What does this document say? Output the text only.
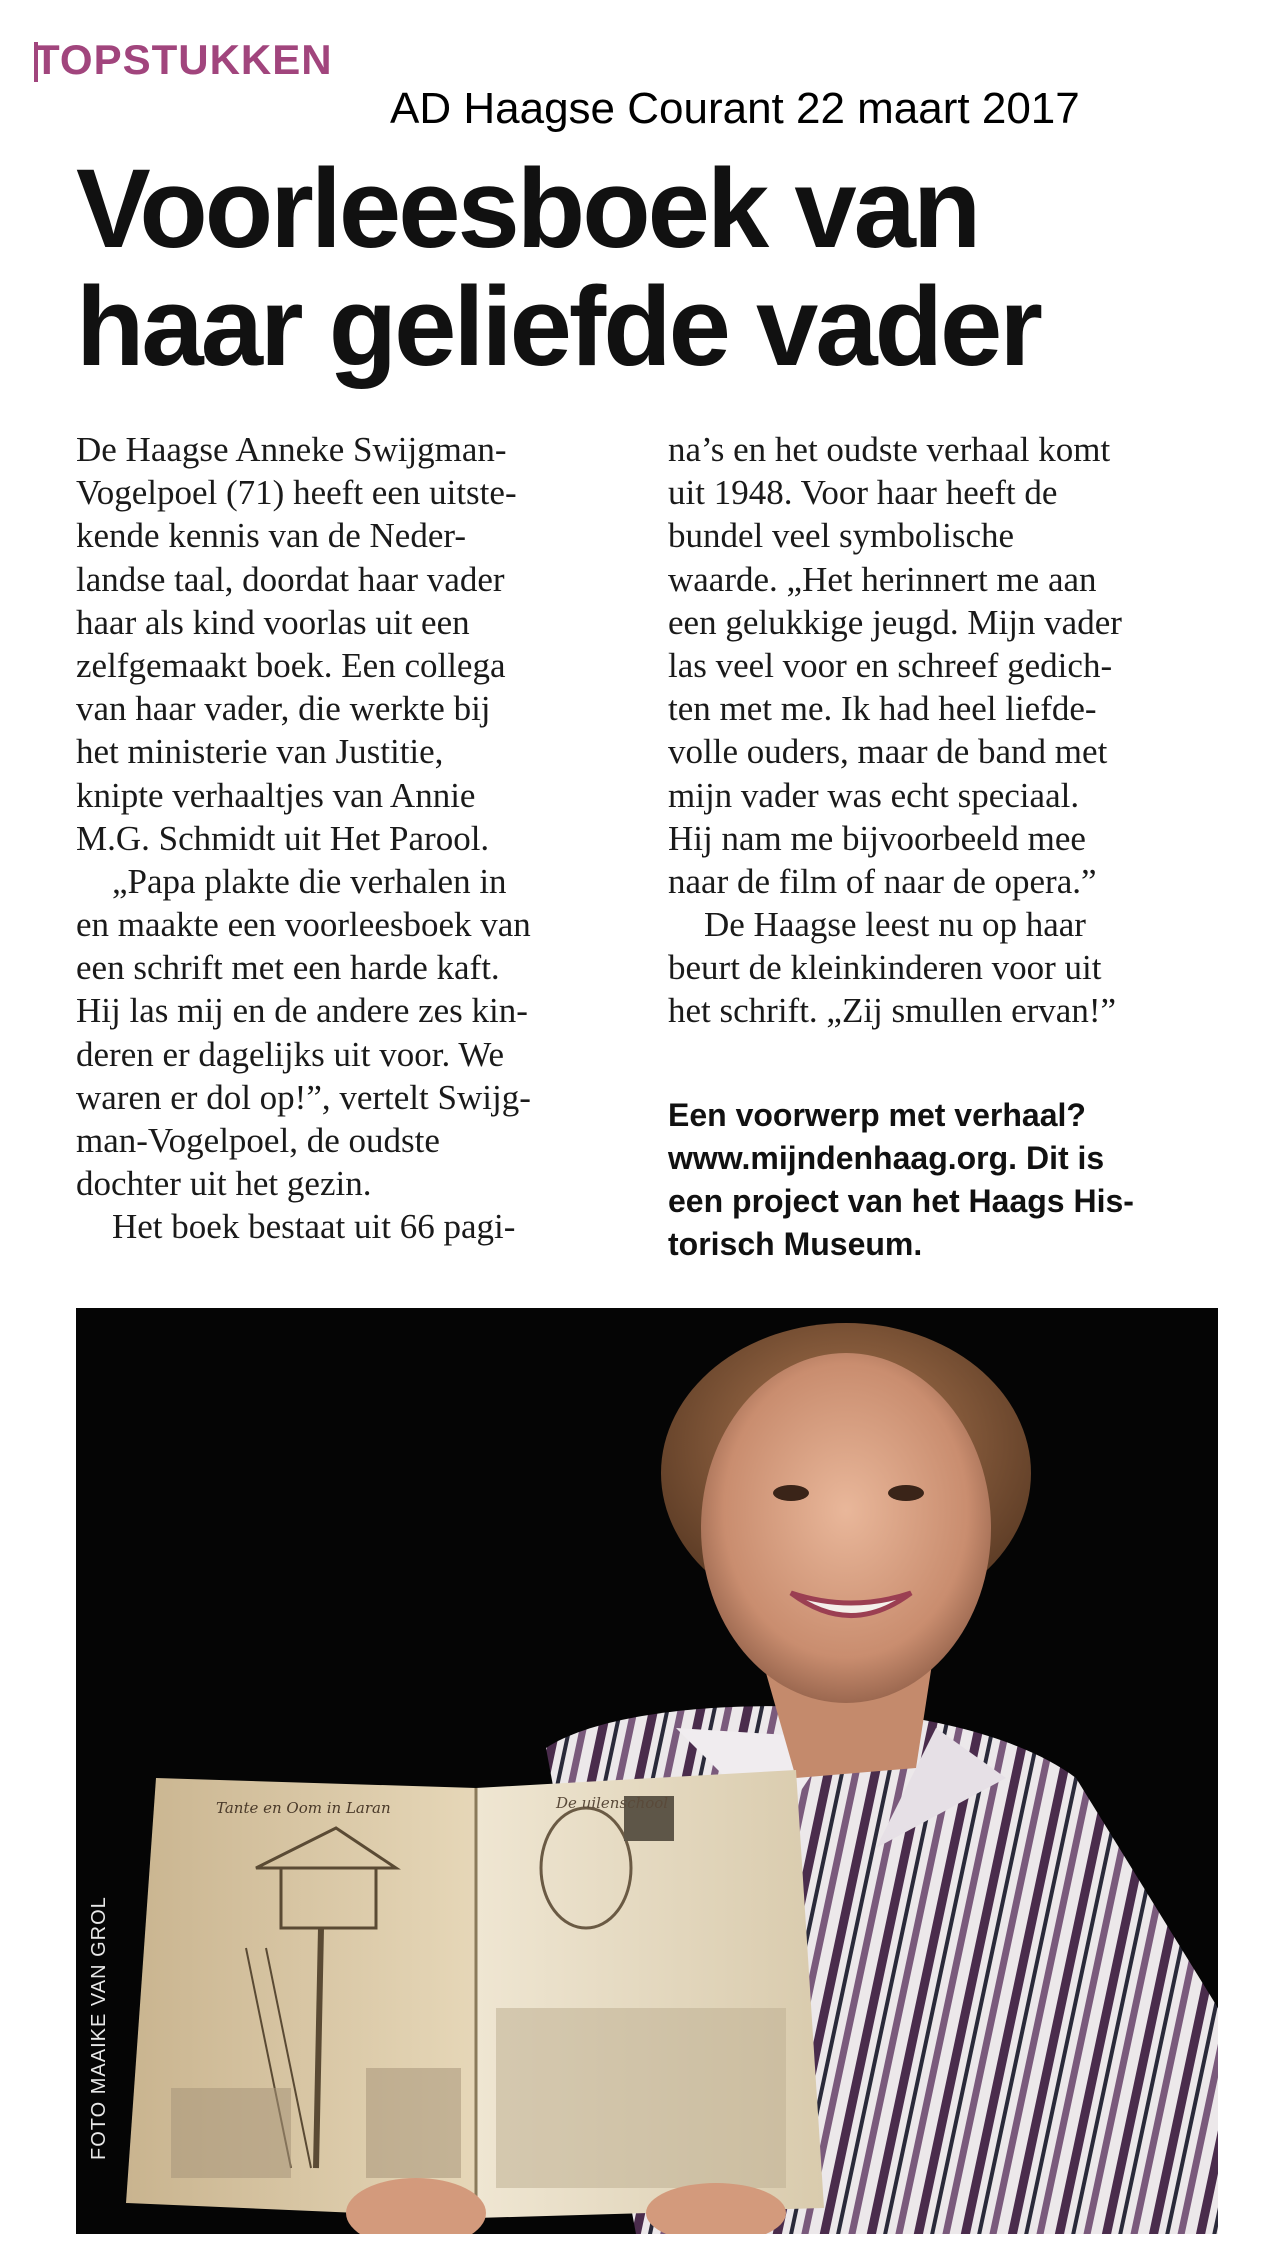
TOPSTUKKEN
AD Haagse Courant 22 maart 2017
Voorleesboek van
haar geliefde vader
De Haagse Anneke Swijgman-
Vogelpoel (71) heeft een uitste-
kende kennis van de Neder-
landse taal, doordat haar vader
haar als kind voorlas uit een
zelfgemaakt boek. Een collega
van haar vader, die werkte bij
het ministerie van Justitie,
knipte verhaaltjes van Annie
M.G. Schmidt uit Het Parool.
„Papa plakte die verhalen in
en maakte een voorleesboek van
een schrift met een harde kaft.
Hij las mij en de andere zes kin-
deren er dagelijks uit voor. We
waren er dol op!”, vertelt Swijg-
man-Vogelpoel, de oudste
dochter uit het gezin.
Het boek bestaat uit 66 pagi-
na’s en het oudste verhaal komt
uit 1948. Voor haar heeft de
bundel veel symbolische
waarde. „Het herinnert me aan
een gelukkige jeugd. Mijn vader
las veel voor en schreef gedich-
ten met me. Ik had heel liefde-
volle ouders, maar de band met
mijn vader was echt speciaal.
Hij nam me bijvoorbeeld mee
naar de film of naar de opera.”
De Haagse leest nu op haar
beurt de kleinkinderen voor uit
het schrift. „Zij smullen ervan!”
Een voorwerp met verhaal?
www.mijndenhaag.org. Dit is
een project van het Haags His-
torisch Museum.
Tante en Oom in Laran	De uilenschool
FOTO MAAIKE VAN GROL
